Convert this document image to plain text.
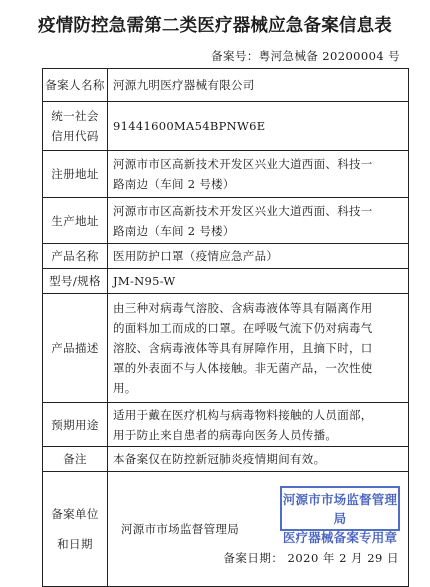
疫情防控急需第二类医疗器械应急备案信息表
备案号：粤河急械备 20200004 号
备案人名称	河源九明医疗器械有限公司

统一社会
信用代码	91441600MA54BPNW6E

注册地址	河源市市区高新技术开发区兴业大道西面、科技一
路南边（车间 2 号楼）

生产地址	河源市市区高新技术开发区兴业大道西面、科技一
路南边（车间 2 号楼）

产品名称	医用防护口罩（疫情应急产品）

型号/规格	JM-N95-W

产品描述	由三种对病毒气溶胶、含病毒液体等具有隔离作用
的面料加工而成的口罩。在呼吸气流下仍对病毒气
溶胶、含病毒液体等具有屏障作用，且摘下时，口
罩的外表面不与人体接触。非无菌产品，一次性使
用。

预期用途	适用于戴在医疗机构与病毒物料接触的人员面部，
用于防止来自患者的病毒向医务人员传播。

备注	本备案仅在防控新冠肺炎疫情期间有效。

备案单位
和日期	河源市市场监督管理局
河源市市场监督管理局
医疗器械备案专用章
备案日期： 2020 年 2 月 29 日
